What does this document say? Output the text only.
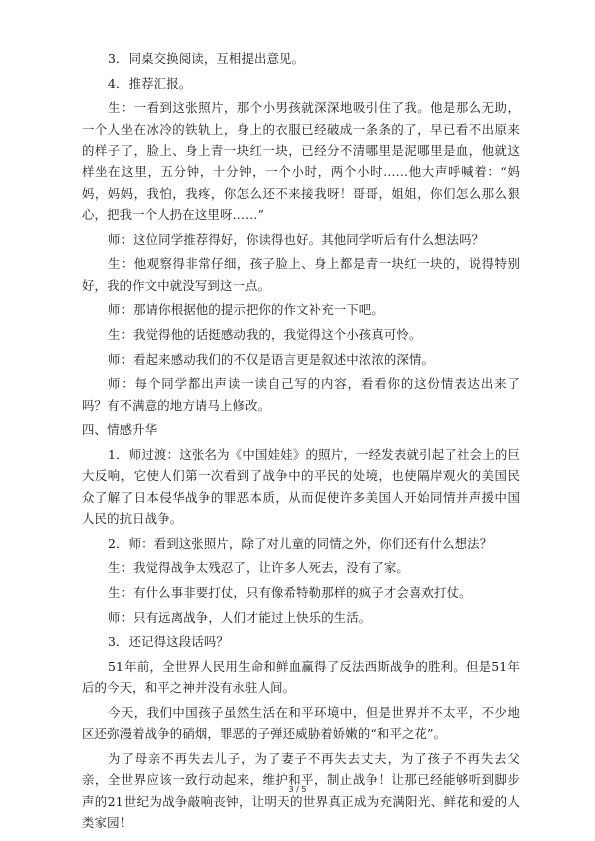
3．同桌交换阅读，互相提出意见。

4．推荐汇报。

生：一看到这张照片，那个小男孩就深深地吸引住了我。他是那么无助，一个人坐在冰冷的铁轨上，身上的衣服已经破成一条条的了，早已看不出原来的样子了，脸上、身上青一块红一块，已经分不清哪里是泥哪里是血，他就这样坐在这里，五分钟，十分钟，一个小时，两个小时……他大声呼喊着：“妈妈，妈妈，我怕，我疼，你怎么还不来接我呀！哥哥，姐姐，你们怎么那么狠心，把我一个人扔在这里呀……”

师：这位同学推荐得好，你读得也好。其他同学听后有什么想法吗？

生：他观察得非常仔细，孩子脸上、身上都是青一块红一块的，说得特别好，我的作文中就没写到这一点。

师：那请你根据他的提示把你的作文补充一下吧。

生：我觉得他的话挺感动我的，我觉得这个小孩真可怜。

师：看起来感动我们的不仅是语言更是叙述中浓浓的深情。

师：每个同学都出声读一读自己写的内容，看看你的这份情表达出来了吗？有不满意的地方请马上修改。

四、情感升华

1．师过渡：这张名为《中国娃娃》的照片，一经发表就引起了社会上的巨大反响，它使人们第一次看到了战争中的平民的处境，也使隔岸观火的美国民众了解了日本侵华战争的罪恶本质，从而促使许多美国人开始同情并声援中国人民的抗日战争。

2．师：看到这张照片，除了对儿童的同情之外，你们还有什么想法？

生：我觉得战争太残忍了，让许多人死去，没有了家。

生：有什么事非要打仗，只有像希特勒那样的疯子才会喜欢打仗。

师：只有远离战争，人们才能过上快乐的生活。

3．还记得这段话吗？

51年前，全世界人民用生命和鲜血赢得了反法西斯战争的胜利。但是51年后的今天，和平之神并没有永驻人间。

今天，我们中国孩子虽然生活在和平环境中，但是世界并不太平，不少地区还弥漫着战争的硝烟，罪恶的子弹还威胁着娇嫩的“和平之花”。

为了母亲不再失去儿子，为了妻子不再失去丈夫，为了孩子不再失去父亲，全世界应该一致行动起来，维护和平，制止战争！让那已经能够听到脚步声的21世纪为战争敲响丧钟，让明天的世界真正成为充满阳光、鲜花和爱的人类家园！

3 / 5
